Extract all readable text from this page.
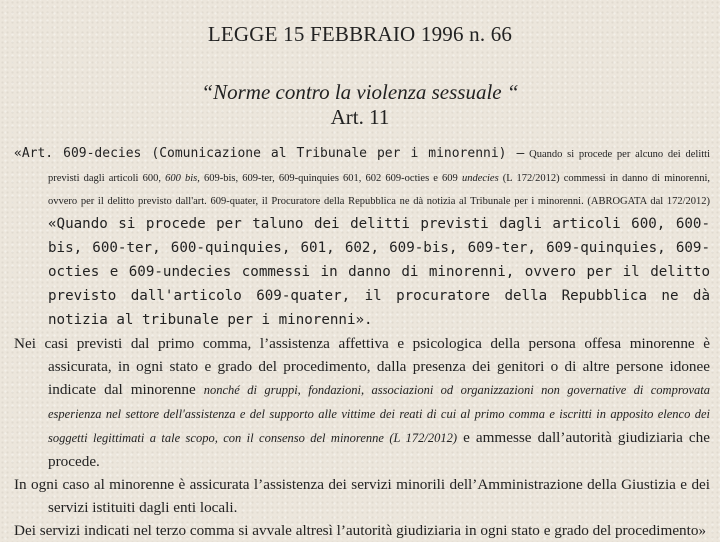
LEGGE 15 FEBBRAIO 1996 n. 66
“Norme contro la violenza sessuale “
Art. 11

«Art. 609-decies (Comunicazione al Tribunale per i minorenni) – Quando si procede per alcuno dei delitti previsti dagli articoli 600, 600 bis, 609-bis, 609-ter, 609-quinquies 601, 602 609-octies e 609 undecies (L 172/2012) commessi in danno di minorenni, ovvero per il delitto previsto dall'art. 609-quater, il Procuratore della Repubblica ne dà notizia al Tribunale per i minorenni. (ABROGATA dal 172/2012) «Quando si procede per taluno dei delitti previsti dagli articoli 600, 600-bis, 600-ter, 600-quinquies, 601, 602, 609-bis, 609-ter, 609-quinquies, 609-octies e 609-undecies commessi in danno di minorenni, ovvero per il delitto previsto dall'articolo 609-quater, il procuratore della Repubblica ne dà notizia al tribunale per i minorenni».

Nei casi previsti dal primo comma, l’assistenza affettiva e psicologica della persona offesa minorenne è assicurata, in ogni stato e grado del procedimento, dalla presenza dei genitori o di altre persone idonee indicate dal minorenne nonché di gruppi, fondazioni, associazioni od organizzazioni non governative di comprovata esperienza nel settore dell'assistenza e del supporto alle vittime dei reati di cui al primo comma e iscritti in apposito elenco dei soggetti legittimati a tale scopo, con il consenso del minorenne (L 172/2012) e ammesse dall’autorità giudiziaria che procede.

In ogni caso al minorenne è assicurata l’assistenza dei servizi minorili dell’Amministrazione della Giustizia e dei servizi istituiti dagli enti locali.

Dei servizi indicati nel terzo comma si avvale altresì l’autorità giudiziaria in ogni stato e grado del procedimento»
